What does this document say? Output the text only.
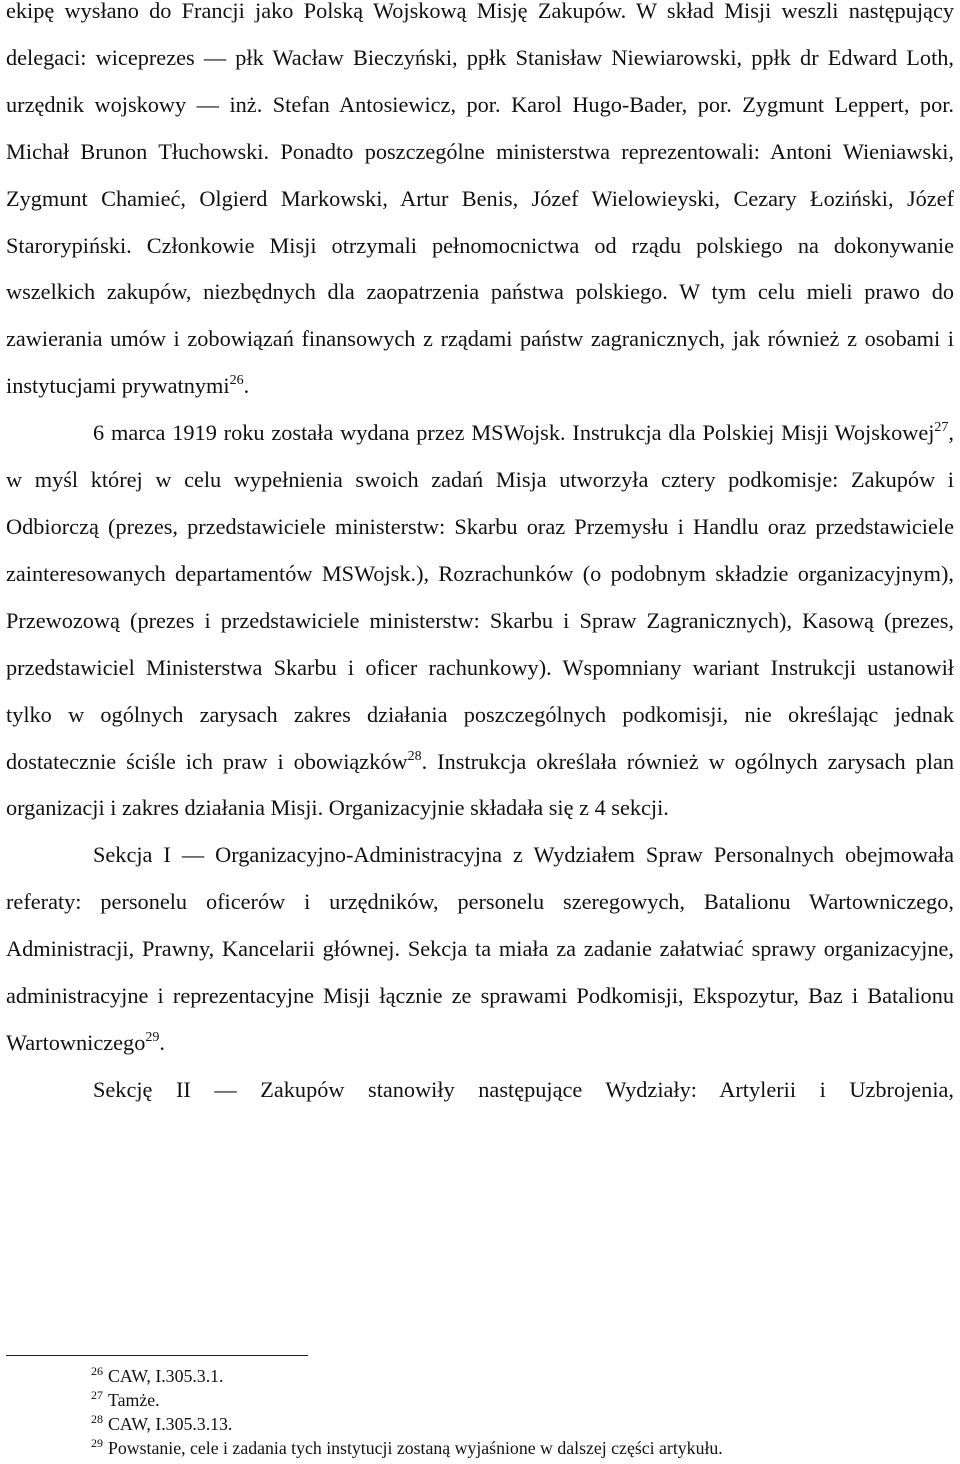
ekipę wysłano do Francji jako Polską Wojskową Misję Zakupów. W skład Misji weszli następujący delegaci: wiceprezes — płk Wacław Bieczyński, ppłk Stanisław Niewiarowski, ppłk dr Edward Loth, urzędnik wojskowy — inż. Stefan Antosiewicz, por. Karol Hugo-Bader, por. Zygmunt Leppert, por. Michał Brunon Tłuchowski. Ponadto poszczególne ministerstwa reprezentowali: Antoni Wieniawski, Zygmunt Chamieć, Olgierd Markowski, Artur Benis, Józef Wielowieyski, Cezary Łoziński, Józef Starorypiński. Członkowie Misji otrzymali pełnomocnictwa od rządu polskiego na dokonywanie wszelkich zakupów, niezbędnych dla zaopatrzenia państwa polskiego. W tym celu mieli prawo do zawierania umów i zobowiązań finansowych z rządami państw zagranicznych, jak również z osobami i instytucjami prywatnymi$^{26}$.

6 marca 1919 roku została wydana przez MSWojsk. Instrukcja dla Polskiej Misji Wojskowej$^{27}$, w myśl której w celu wypełnienia swoich zadań Misja utworzyła cztery podkomisje: Zakupów i Odbiorczą (prezes, przedstawiciele ministerstw: Skarbu oraz Przemysłu i Handlu oraz przedstawiciele zainteresowanych departamentów MSWojsk.), Rozrachunków (o podobnym składzie organizacyjnym), Przewozową (prezes i przedstawiciele ministerstw: Skarbu i Spraw Zagranicznych), Kasową (prezes, przedstawiciel Ministerstwa Skarbu i oficer rachunkowy). Wspomniany wariant Instrukcji ustanowił tylko w ogólnych zarysach zakres działania poszczególnych podkomisji, nie określając jednak dostatecznie ściśle ich praw i obowiązków$^{28}$. Instrukcja określała również w ogólnych zarysach plan organizacji i zakres działania Misji. Organizacyjnie składała się z 4 sekcji.

Sekcja I — Organizacyjno-Administracyjna z Wydziałem Spraw Personalnych obejmowała referaty: personelu oficerów i urzędników, personelu szeregowych, Batalionu Wartowniczego, Administracji, Prawny, Kancelarii głównej. Sekcja ta miała za zadanie załatwiać sprawy organizacyjne, administracyjne i reprezentacyjne Misji łącznie ze sprawami Podkomisji, Ekspozytur, Baz i Batalionu Wartowniczego$^{29}$.

Sekcję II — Zakupów stanowiły następujące Wydziały: Artylerii i Uzbrojenia,

$^{26}$ CAW, I.305.3.1.

$^{27}$ Tamże.

$^{28}$ CAW, I.305.3.13.

$^{29}$ Powstanie, cele i zadania tych instytucji zostaną wyjaśnione w dalszej części artykułu.
